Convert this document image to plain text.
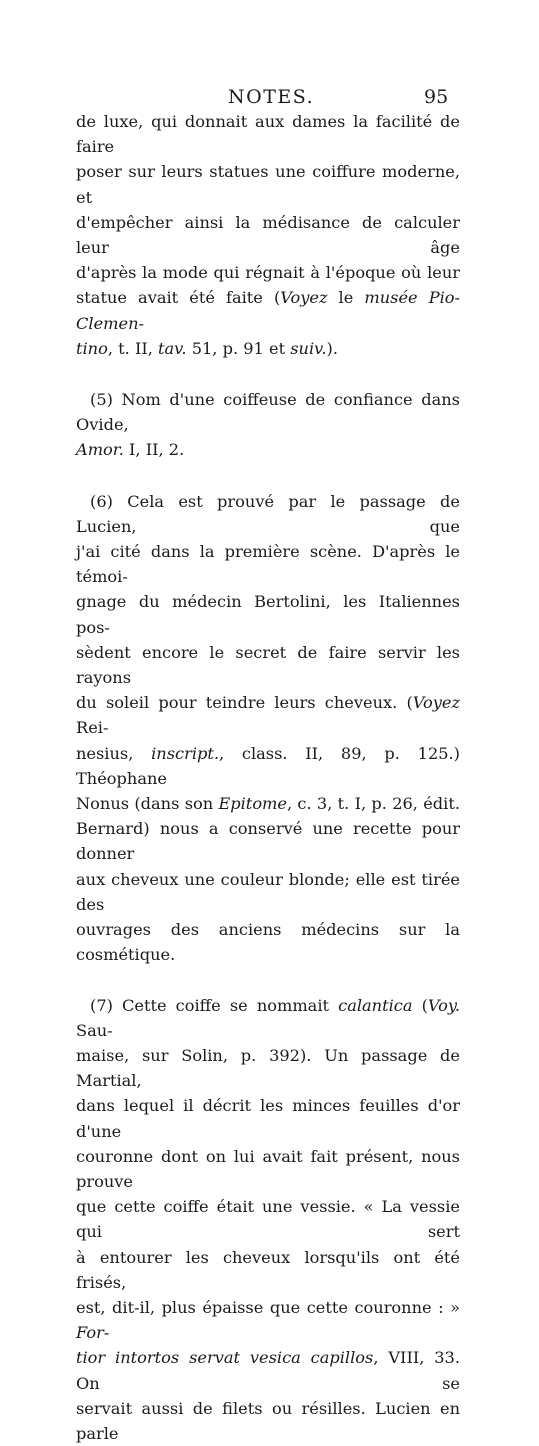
NOTES.	95

de luxe, qui donnait aux dames la facilité de faire

poser sur leurs statues une coiffure moderne, et

d'empêcher ainsi la médisance de calculer leur âge

d'après la mode qui régnait à l'époque où leur

statue avait été faite (Voyez le musée Pio-Clemen-

tino, t. II, tav. 51, p. 91 et suiv.).

(5) Nom d'une coiffeuse de confiance dans Ovide,

Amor. I, II, 2.

(6) Cela est prouvé par le passage de Lucien, que

j'ai cité dans la première scène. D'après le témoi-

gnage du médecin Bertolini, les Italiennes pos-

sèdent encore le secret de faire servir les rayons

du soleil pour teindre leurs cheveux. (Voyez Rei-

nesius, inscript., class. II, 89, p. 125.) Théophane

Nonus (dans son Epitome, c. 3, t. I, p. 26, édit.

Bernard) nous a conservé une recette pour donner

aux cheveux une couleur blonde; elle est tirée des

ouvrages des anciens médecins sur la cosmétique.

(7) Cette coiffe se nommait calantica (Voy. Sau-

maise, sur Solin, p. 392). Un passage de Martial,

dans lequel il décrit les minces feuilles d'or d'une

couronne dont on lui avait fait présent, nous prouve

que cette coiffe était une vessie. « La vessie qui sert

à entourer les cheveux lorsqu'ils ont été frisés,

est, dit-il, plus épaisse que cette couronne : » For-

tior intortos servat vesica capillos, VIII, 33. On se

servait aussi de filets ou résilles. Lucien en parle
